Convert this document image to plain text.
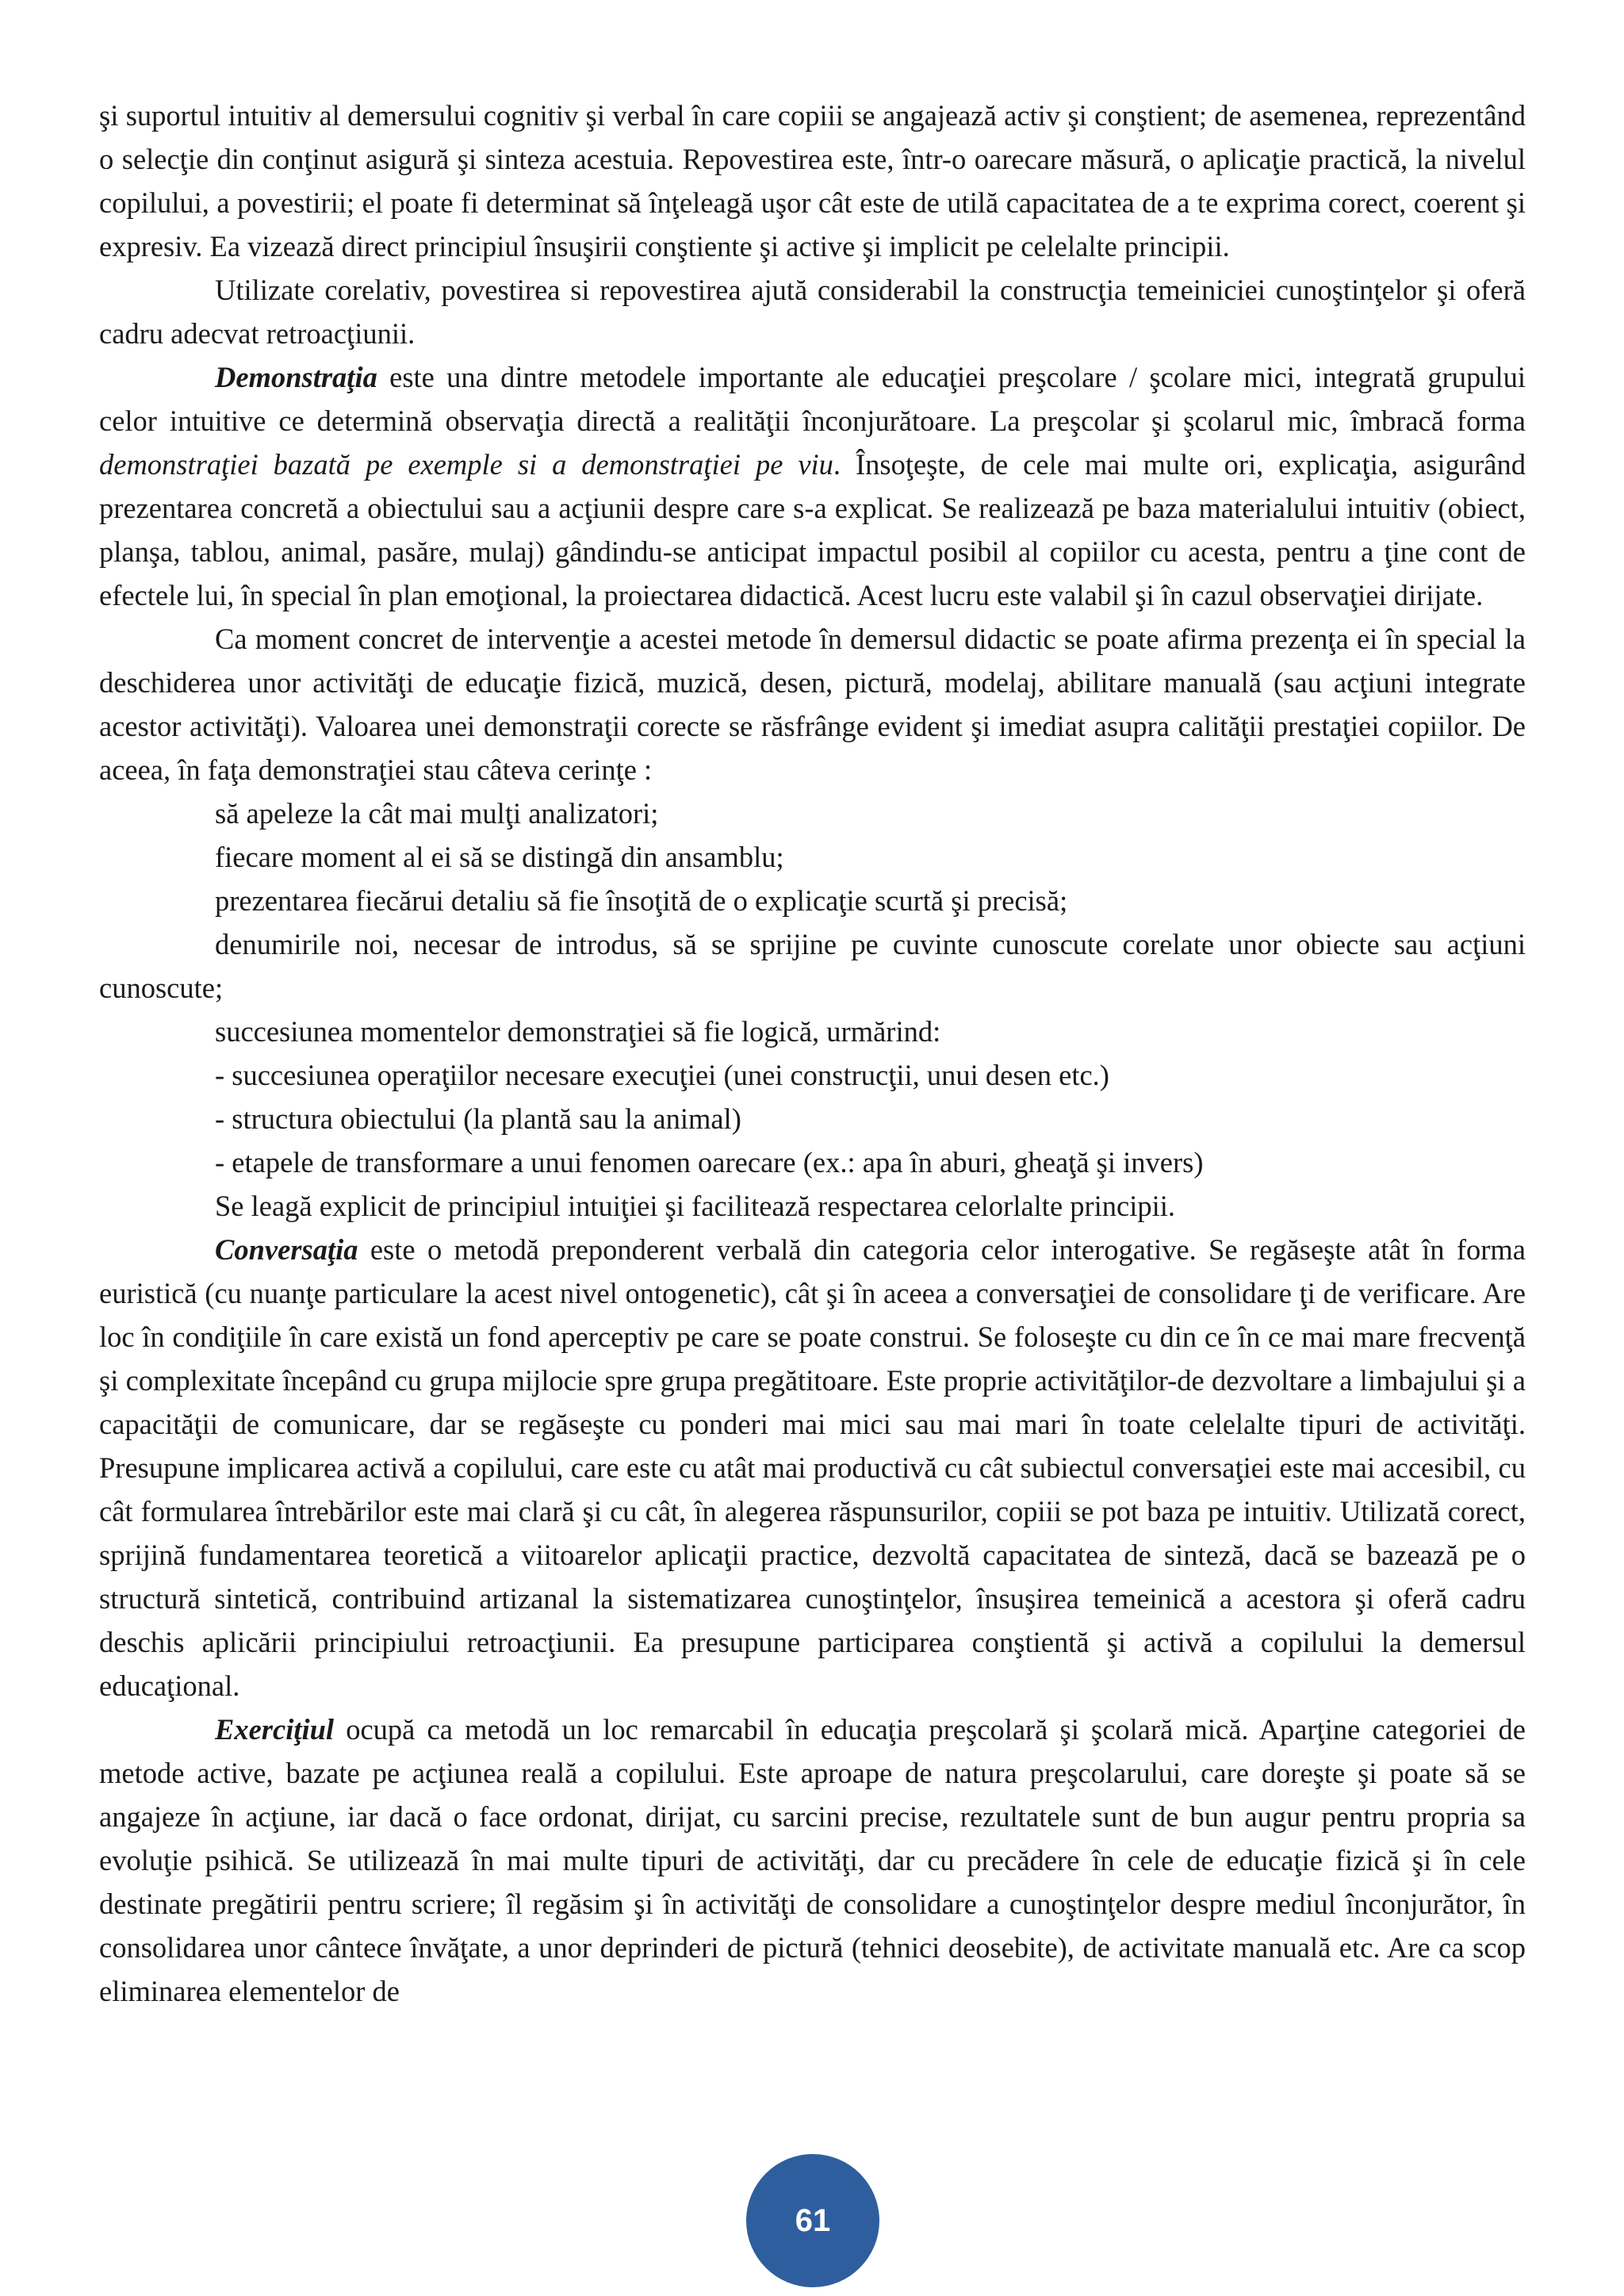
şi suportul intuitiv al demersului cognitiv şi verbal în care copiii se angajează activ şi conştient; de asemenea, reprezentând o selecţie din conţinut asigură şi sinteza acestuia. Repovestirea este, într-o oarecare măsură, o aplicaţie practică, la nivelul copilului, a povestirii; el poate fi determinat să înţeleagă uşor cât este de utilă capacitatea de a te exprima corect, coerent şi expresiv. Ea vizează direct principiul însuşirii conştiente şi active şi implicit pe celelalte principii.

Utilizate corelativ, povestirea si repovestirea ajută considerabil la construcţia temeiniciei cunoştinţelor şi oferă cadru adecvat retroacţiunii.

Demonstraţia este una dintre metodele importante ale educaţiei preşcolare / şcolare mici, integrată grupului celor intuitive ce determină observaţia directă a realităţii înconjurătoare. La preşcolar şi şcolarul mic, îmbracă forma demonstraţiei bazată pe exemple si a demonstraţiei pe viu. Însoţeşte, de cele mai multe ori, explicaţia, asigurând prezentarea concretă a obiectului sau a acţiunii despre care s-a explicat. Se realizează pe baza materialului intuitiv (obiect, planşa, tablou, animal, pasăre, mulaj) gândindu-se anticipat impactul posibil al copiilor cu acesta, pentru a ţine cont de efectele lui, în special în plan emoţional, la proiectarea didactică. Acest lucru este valabil şi în cazul observaţiei dirijate.

Ca moment concret de intervenţie a acestei metode în demersul didactic se poate afirma prezenţa ei în special la deschiderea unor activităţi de educaţie fizică, muzică, desen, pictură, modelaj, abilitare manuală (sau acţiuni integrate acestor activităţi). Valoarea unei demonstraţii corecte se răsfrânge evident şi imediat asupra calităţii prestaţiei copiilor. De aceea, în faţa demonstraţiei stau câteva cerinţe :

să apeleze la cât mai mulţi analizatori;

fiecare moment al ei să se distingă din ansamblu;

prezentarea fiecărui detaliu să fie însoţită de o explicaţie scurtă şi precisă;

denumirile noi, necesar de introdus, să se sprijine pe cuvinte cunoscute corelate unor obiecte sau acţiuni cunoscute;

succesiunea momentelor demonstraţiei să fie logică, urmărind:

- succesiunea operaţiilor necesare execuţiei (unei construcţii, unui desen etc.)

- structura obiectului (la plantă sau la animal)

- etapele de transformare a unui fenomen oarecare (ex.: apa în aburi, gheaţă şi invers)

Se leagă explicit de principiul intuiţiei şi facilitează respectarea celorlalte principii.

Conversaţia este o metodă preponderent verbală din categoria celor interogative. Se regăseşte atât în forma euristică (cu nuanţe particulare la acest nivel ontogenetic), cât şi în aceea a conversaţiei de consolidare ţi de verificare. Are loc în condiţiile în care există un fond aperceptiv pe care se poate construi. Se foloseşte cu din ce în ce mai mare frecvenţă şi complexitate începând cu grupa mijlocie spre grupa pregătitoare. Este proprie activităţilor-de dezvoltare a limbajului şi a capacităţii de comunicare, dar se regăseşte cu ponderi mai mici sau mai mari în toate celelalte tipuri de activităţi. Presupune implicarea activă a copilului, care este cu atât mai productivă cu cât subiectul conversaţiei este mai accesibil, cu cât formularea întrebărilor este mai clară şi cu cât, în alegerea răspunsurilor, copiii se pot baza pe intuitiv. Utilizată corect, sprijină fundamentarea teoretică a viitoarelor aplicaţii practice, dezvoltă capacitatea de sinteză, dacă se bazează pe o structură sintetică, contribuind artizanal la sistematizarea cunoştinţelor, însuşirea temeinică a acestora şi oferă cadru deschis aplicării principiului retroacţiunii. Ea presupune participarea conştientă şi activă a copilului la demersul educaţional.

Exerciţiul ocupă ca metodă un loc remarcabil în educaţia preşcolară şi şcolară mică. Aparţine categoriei de metode active, bazate pe acţiunea reală a copilului. Este aproape de natura preşcolarului, care doreşte şi poate să se angajeze în acţiune, iar dacă o face ordonat, dirijat, cu sarcini precise, rezultatele sunt de bun augur pentru propria sa evoluţie psihică. Se utilizează în mai multe tipuri de activităţi, dar cu precădere în cele de educaţie fizică şi în cele destinate pregătirii pentru scriere; îl regăsim şi în activităţi de consolidare a cunoştinţelor despre mediul înconjurător, în consolidarea unor cântece învăţate, a unor deprinderi de pictură (tehnici deosebite), de activitate manuală etc. Are ca scop eliminarea elementelor de

61
